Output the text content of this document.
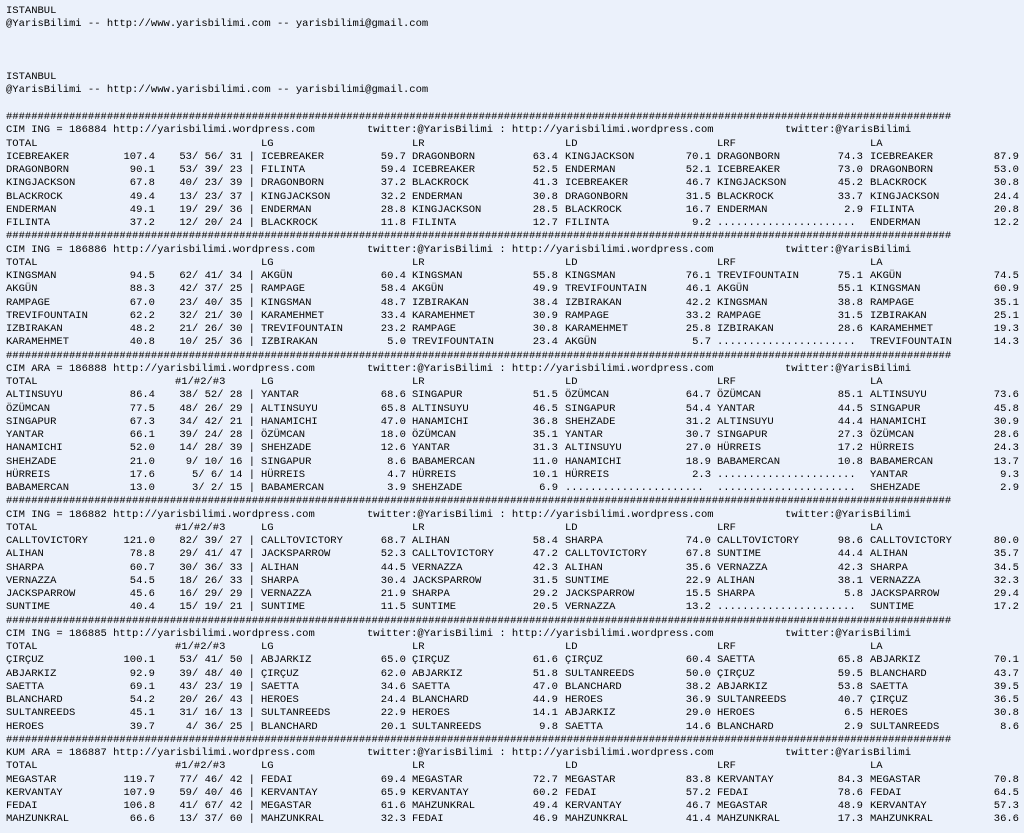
ISTANBUL
@YarisBilimi -- http://www.yarisbilimi.com -- yarisbilimi@gmail.com
ISTANBUL
@YarisBilimi -- http://www.yarisbilimi.com -- yarisbilimi@gmail.com
######################################################################################################################################################
CIM ING = 186884 http://yarisbilimi.wordpress.com	twitter:@YarisBilimi : http://yarisbilimi.wordpress.com	twitter:@YarisBilimi
TOTAL	LG	LR	LD	LRF	LA
ICEBREAKER	107.4 53/ 56/ 31 | ICEBREAKER	59.7 DRAGONBORN	63.4 KINGJACKSON	70.1 DRAGONBORN	74.3 ICEBREAKER	87.9
DRAGONBORN	90.1 53/ 39/ 23 | FILINTA	59.4 ICEBREAKER	52.5 ENDERMAN	52.1 ICEBREAKER	73.0 DRAGONBORN	53.0
KINGJACKSON	67.8 40/ 23/ 39 | DRAGONBORN	37.2 BLACKROCK	41.3 ICEBREAKER	46.7 KINGJACKSON	45.2 BLACKROCK	30.8
BLACKROCK	49.4 13/ 23/ 37 | KINGJACKSON	32.2 ENDERMAN	30.8 DRAGONBORN	31.5 BLACKROCK	33.7 KINGJACKSON	24.4
ENDERMAN	49.1 19/ 29/ 36 | ENDERMAN	28.8 KINGJACKSON	28.5 BLACKROCK	16.7 ENDERMAN	2.9 FILINTA	20.8
FILINTA	37.2 12/ 20/ 24 | BLACKROCK	11.8 FILINTA	12.7 FILINTA	9.2 ...................... ENDERMAN	12.2
######################################################################################################################################################
CIM ING = 186886 http://yarisbilimi.wordpress.com	twitter:@YarisBilimi : http://yarisbilimi.wordpress.com	twitter:@YarisBilimi
TOTAL	LG	LR	LD	LRF	LA
KINGSMAN	94.5 62/ 41/ 34 | AKGÜN	60.4 KINGSMAN	55.8 KINGSMAN	76.1 TREVIFOUNTAIN	75.1 AKGÜN	74.5
AKGÜN	88.3 42/ 37/ 25 | RAMPAGE	58.4 AKGÜN	49.9 TREVIFOUNTAIN	46.1 AKGÜN	55.1 KINGSMAN	60.9
RAMPAGE	67.0 23/ 40/ 35 | KINGSMAN	48.7 IZBIRAKAN	38.4 IZBIRAKAN	42.2 KINGSMAN	38.8 RAMPAGE	35.1
TREVIFOUNTAIN	62.2 32/ 21/ 30 | KARAMEHMET	33.4 KARAMEHMET	30.9 RAMPAGE	33.2 RAMPAGE	31.5 IZBIRAKAN	25.1
IZBIRAKAN	48.2 21/ 26/ 30 | TREVIFOUNTAIN	23.2 RAMPAGE	30.8 KARAMEHMET	25.8 IZBIRAKAN	28.6 KARAMEHMET	19.3
KARAMEHMET	40.8 10/ 25/ 36 | IZBIRAKAN	5.0 TREVIFOUNTAIN	23.4 AKGÜN	5.7 ...................... TREVIFOUNTAIN	14.3
######################################################################################################################################################
CIM ARA = 186888 http://yarisbilimi.wordpress.com	twitter:@YarisBilimi : http://yarisbilimi.wordpress.com	twitter:@YarisBilimi
TOTAL	#1/#2/#3	LG	LR	LD	LRF	LA
ALTINSUYU	86.4 38/ 52/ 28 | YANTAR	68.6 SINGAPUR	51.5 ÖZÜMCAN	64.7 ÖZÜMCAN	85.1 ALTINSUYU	73.6
ÖZÜMCAN	77.5 48/ 26/ 29 | ALTINSUYU	65.8 ALTINSUYU	46.5 SINGAPUR	54.4 YANTAR	44.5 SINGAPUR	45.8
SINGAPUR	67.3 34/ 42/ 21 | HANAMICHI	47.0 HANAMICHI	36.8 SHEHZADE	31.2 ALTINSUYU	44.4 HANAMICHI	30.9
YANTAR	66.1 39/ 24/ 28 | ÖZÜMCAN	18.0 ÖZÜMCAN	35.1 YANTAR	30.7 SINGAPUR	27.3 ÖZÜMCAN	28.6
HANAMICHI	52.0 14/ 28/ 39 | SHEHZADE	12.6 YANTAR	31.3 ALTINSUYU	27.0 HÜRREIS	17.2 HÜRREIS	24.3
SHEHZADE	21.0	9/ 10/ 16 | SINGAPUR	8.6 BABAMERCAN	11.0 HANAMICHI	18.9 BABAMERCAN	10.8 BABAMERCAN	13.7
HÜRREIS	17.6	5/ 6/ 14 | HÜRREIS	4.7 HÜRREIS	10.1 HÜRREIS	2.3 ...................... YANTAR	9.3
BABAMERCAN	13.0	3/ 2/ 15 | BABAMERCAN	3.9 SHEHZADE	6.9 ...................... ...................... SHEHZADE	2.9
######################################################################################################################################################
CIM ING = 186882 http://yarisbilimi.wordpress.com	twitter:@YarisBilimi : http://yarisbilimi.wordpress.com	twitter:@YarisBilimi
TOTAL	#1/#2/#3	LG	LR	LD	LRF	LA
CALLTOVICTORY	121.0 82/ 39/ 27 | CALLTOVICTORY	68.7 ALIHAN	58.4 SHARPA	74.0 CALLTOVICTORY	98.6 CALLTOVICTORY	80.0
ALIHAN	78.8 29/ 41/ 47 | JACKSPARROW	52.3 CALLTOVICTORY	47.2 CALLTOVICTORY	67.8 SUNTIME	44.4 ALIHAN	35.7
SHARPA	60.7 30/ 36/ 33 | ALIHAN	44.5 VERNAZZA	42.3 ALIHAN	35.6 VERNAZZA	42.3 SHARPA	34.5
VERNAZZA	54.5 18/ 26/ 33 | SHARPA	30.4 JACKSPARROW	31.5 SUNTIME	22.9 ALIHAN	38.1 VERNAZZA	32.3
JACKSPARROW	45.6 16/ 29/ 29 | VERNAZZA	21.9 SHARPA	29.2 JACKSPARROW	15.5 SHARPA	5.8 JACKSPARROW	29.4
SUNTIME	40.4 15/ 19/ 21 | SUNTIME	11.5 SUNTIME	20.5 VERNAZZA	13.2 ...................... SUNTIME	17.2
######################################################################################################################################################
CIM ING = 186885 http://yarisbilimi.wordpress.com	twitter:@YarisBilimi : http://yarisbilimi.wordpress.com	twitter:@YarisBilimi
TOTAL	#1/#2/#3	LG	LR	LD	LRF	LA
ÇIRÇUZ	100.1 53/ 41/ 50 | ABJARKIZ	65.0 ÇIRÇUZ	61.6 ÇIRÇUZ	60.4 SAETTA	65.8 ABJARKIZ	70.1
ABJARKIZ	92.9 39/ 48/ 40 | ÇIRÇUZ	62.0 ABJARKIZ	51.8 SULTANREEDS	50.0 ÇIRÇUZ	59.5 BLANCHARD	43.7
SAETTA	69.1 43/ 23/ 19 | SAETTA	34.6 SAETTA	47.0 BLANCHARD	38.2 ABJARKIZ	53.8 SAETTA	39.5
BLANCHARD	54.2 20/ 26/ 43 | HEROES	24.4 BLANCHARD	44.9 HEROES	36.9 SULTANREEDS	40.7 ÇIRÇUZ	36.5
SULTANREEDS	45.1 31/ 16/ 13 | SULTANREEDS	22.9 HEROES	14.1 ABJARKIZ	29.0 HEROES	6.5 HEROES	30.8
HEROES	39.7	4/ 36/ 25 | BLANCHARD	20.1 SULTANREEDS	9.8 SAETTA	14.6 BLANCHARD	2.9 SULTANREEDS	8.6
######################################################################################################################################################
KUM ARA = 186887 http://yarisbilimi.wordpress.com	twitter:@YarisBilimi : http://yarisbilimi.wordpress.com	twitter:@YarisBilimi
TOTAL	#1/#2/#3	LG	LR	LD	LRF	LA
MEGASTAR	119.7 77/ 46/ 42 | FEDAI	69.4 MEGASTAR	72.7 MEGASTAR	83.8 KERVANTAY	84.3 MEGASTAR	70.8
KERVANTAY	107.9 59/ 40/ 46 | KERVANTAY	65.9 KERVANTAY	60.2 FEDAI	57.2 FEDAI	78.6 FEDAI	64.5
FEDAI	106.8 41/ 67/ 42 | MEGASTAR	61.6 MAHZUNKRAL	49.4 KERVANTAY	46.7 MEGASTAR	48.9 KERVANTAY	57.3
MAHZUNKRAL	66.6 13/ 37/ 60 | MAHZUNKRAL	32.3 FEDAI	46.9 MAHZUNKRAL	41.4 MAHZUNKRAL	17.3 MAHZUNKRAL	36.6
